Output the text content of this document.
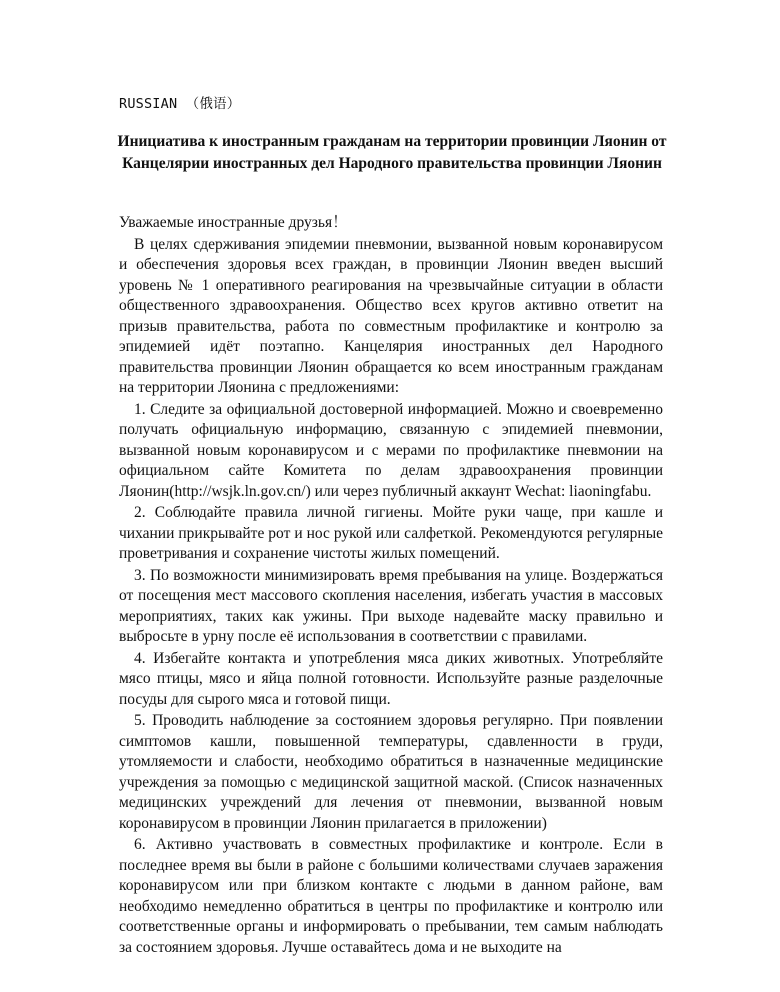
RUSSIAN （俄语）
Инициатива к иностранным гражданам на территории провинции Ляонин от Канцелярии иностранных дел Народного правительства провинции Ляонин

Уважаемые иностранные друзья！

В целях сдерживания эпидемии пневмонии, вызванной новым коронавирусом и обеспечения здоровья всех граждан, в провинции Ляонин введен высший уровень № 1 оперативного реагирования на чрезвычайные ситуации в области общественного здравоохранения. Общество всех кругов активно ответит на призыв правительства, работа по совместным профилактике и контролю за эпидемией идёт поэтапно. Канцелярия иностранных дел Народного правительства провинции Ляонин обращается ко всем иностранным гражданам на территории Ляонина с предложениями:

1. Следите за официальной достоверной информацией. Можно и своевременно получать официальную информацию, связанную с эпидемией пневмонии, вызванной новым коронавирусом и с мерами по профилактике пневмонии на официальном сайте Комитета по делам здравоохранения провинции Ляонин(http://wsjk.ln.gov.cn/) или через публичный аккаунт Wechat: liaoningfabu.

2. Соблюдайте правила личной гигиены. Мойте руки чаще, при кашле и чихании прикрывайте рот и нос рукой или салфеткой. Рекомендуются регулярные проветривания и сохранение чистоты жилых помещений.

3. По возможности минимизировать время пребывания на улице. Воздержаться от посещения мест массового скопления населения, избегать участия в массовых мероприятиях, таких как ужины. При выходе надевайте маску правильно и выбросьте в урну после её использования в соответствии с правилами.

4. Избегайте контакта и употребления мяса диких животных. Употребляйте мясо птицы, мясо и яйца полной готовности. Используйте разные разделочные посуды для сырого мяса и готовой пищи.

5. Проводить наблюдение за состоянием здоровья регулярно. При появлении симптомов кашли, повышенной температуры, сдавленности в груди, утомляемости и слабости, необходимо обратиться в назначенные медицинские учреждения за помощью с медицинской защитной маской. (Список назначенных медицинских учреждений для лечения от пневмонии, вызванной новым коронавирусом в провинции Ляонин прилагается в приложении)

6. Активно участвовать в совместных профилактике и контроле. Если в последнее время вы были в районе с большими количествами случаев заражения коронавирусом или при близком контакте с людьми в данном районе, вам необходимо немедленно обратиться в центры по профилактике и контролю или соответственные органы и информировать о пребывании, тем самым наблюдать за состоянием здоровья. Лучше оставайтесь дома и не выходите на
